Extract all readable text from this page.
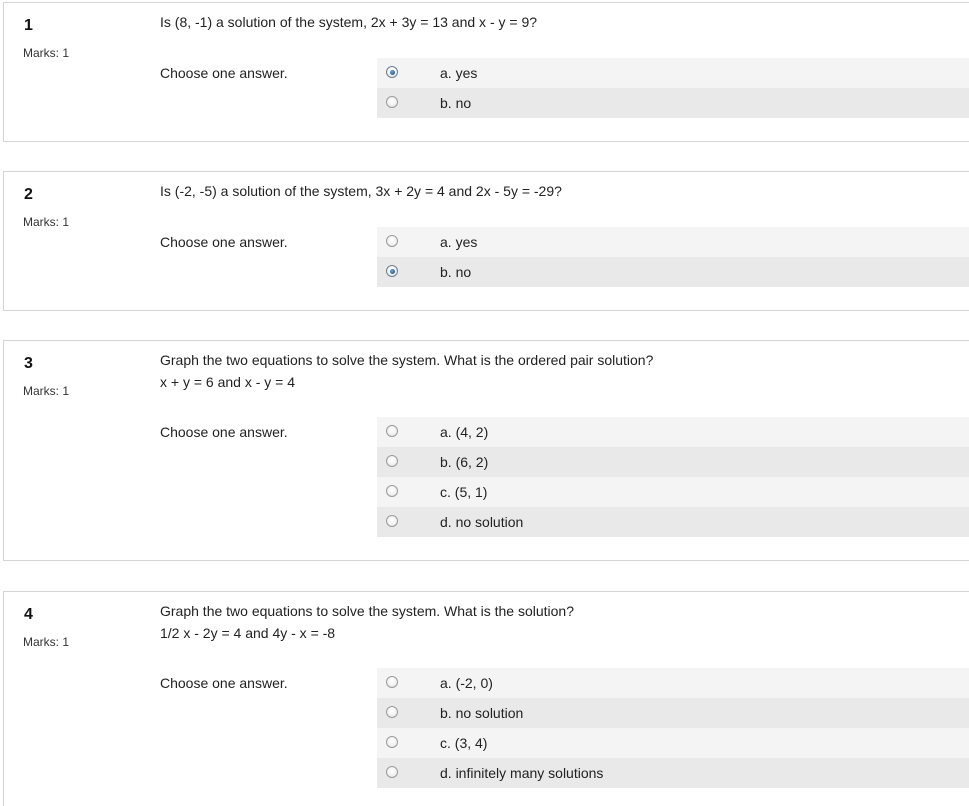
1
Marks: 1
Is (8, -1) a solution of the system, 2x + 3y = 13 and x - y = 9?
Choose one answer.	a. yes
b. no
2
Marks: 1
Is (-2, -5) a solution of the system, 3x + 2y = 4 and 2x - 5y = -29?
Choose one answer.	a. yes
b. no
3
Marks: 1
Graph the two equations to solve the system. What is the ordered pair solution?
x + y = 6 and x - y = 4
Choose one answer.	a. (4, 2)
b. (6, 2)
c. (5, 1)
d. no solution
4
Marks: 1
Graph the two equations to solve the system. What is the solution?
1/2 x - 2y = 4 and 4y - x = -8
Choose one answer.	a. (-2, 0)
b. no solution
c. (3, 4)
d. infinitely many solutions
